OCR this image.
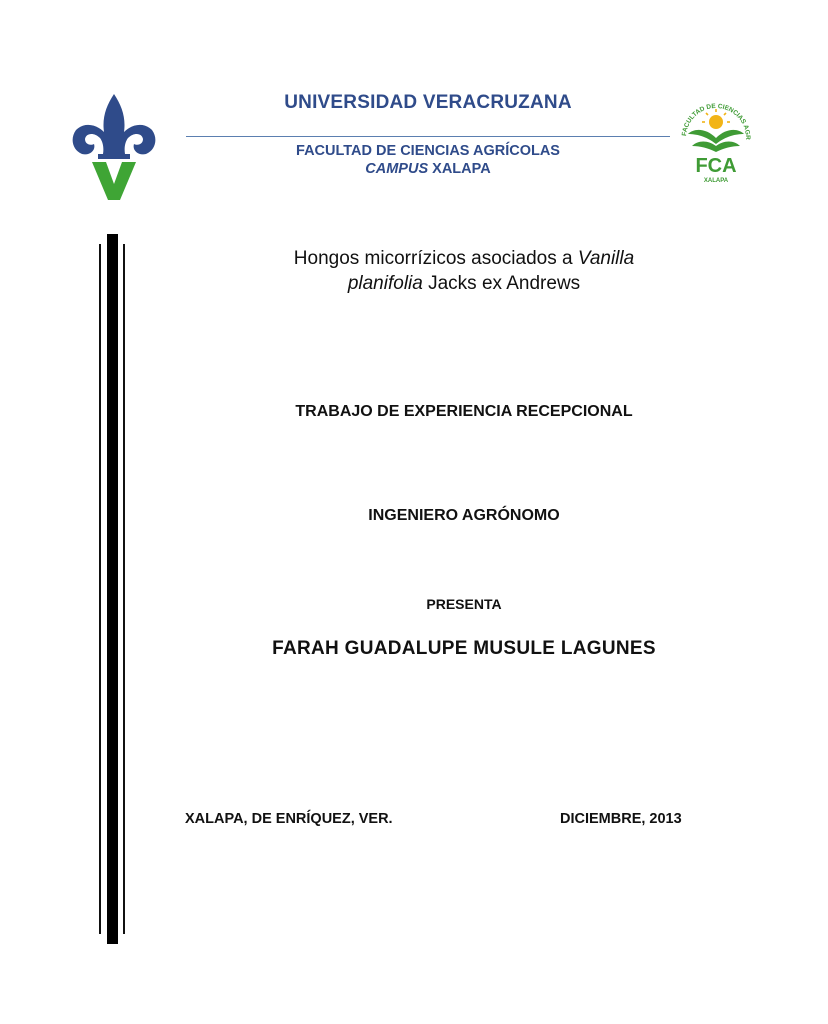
FACULTAD DE CIENCIAS AGR
FCA
XALAPA
UNIVERSIDAD VERACRUZANA
FACULTAD DE CIENCIAS AGRÍCOLAS
CAMPUS XALAPA
Hongos micorrízicos asociados a Vanilla
planifolia Jacks ex Andrews
TRABAJO DE EXPERIENCIA RECEPCIONAL
INGENIERO AGRÓNOMO
PRESENTA
FARAH GUADALUPE MUSULE LAGUNES
XALAPA, DE ENRÍQUEZ, VER.	DICIEMBRE, 2013
